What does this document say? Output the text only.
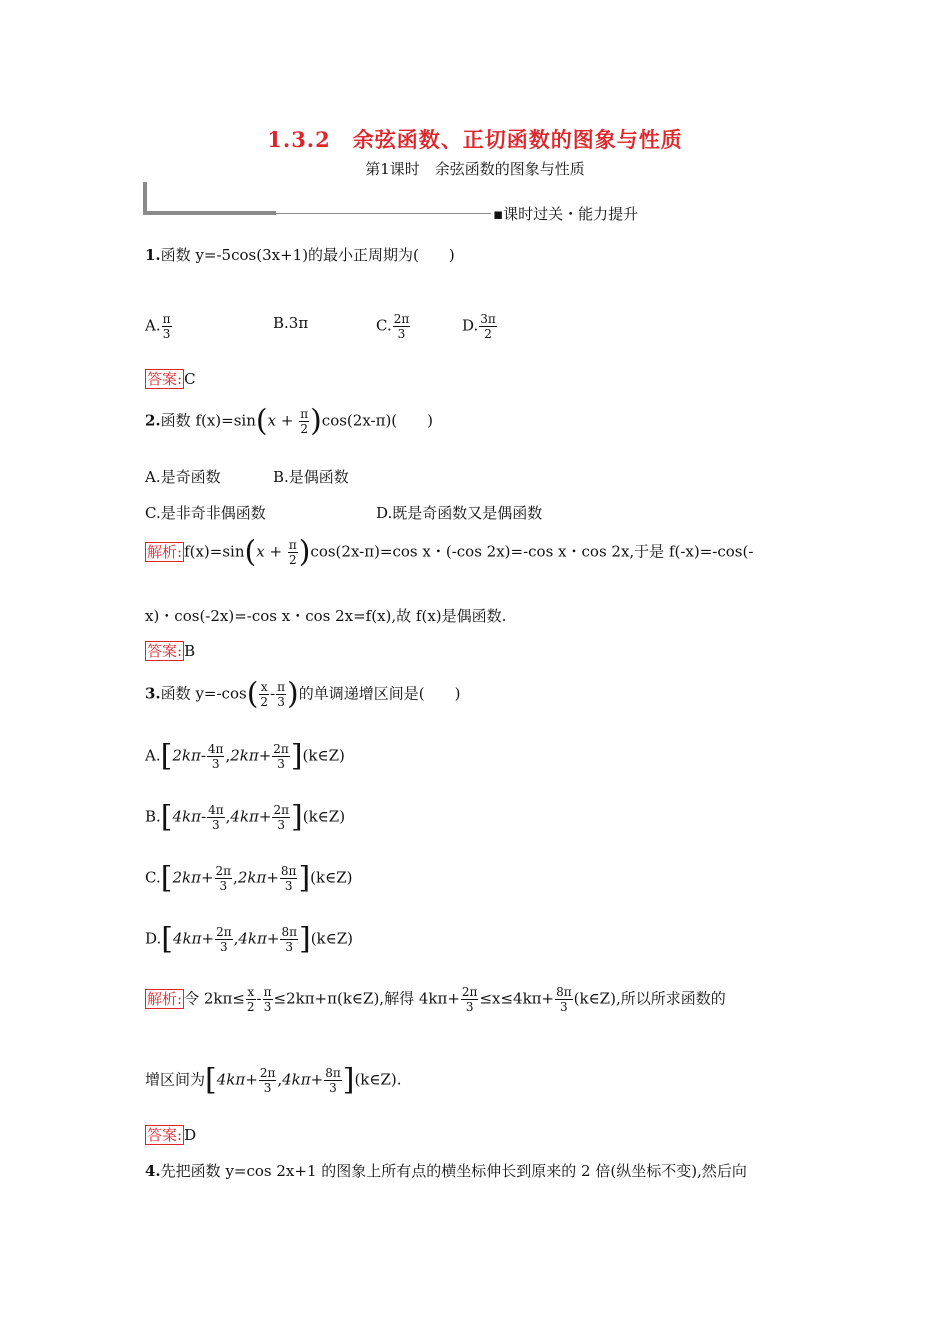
1.3.2　余弦函数、正切函数的图象与性质
第1课时　余弦函数的图象与性质
▪课时过关・能力提升
1.函数 y=-5cos(3x+1)的最小正周期为(　　)
A. $\frac{\pi}{3}$	B.3π	C. $\frac{2\pi}{3}$	D. $\frac{3\pi}{2}$
答案: C
2.函数 $f(x)=\sin(x + \frac{\pi}{2} )\cos(2x-\pi)$(　　)
A.是奇函数	B.是偶函数
C.是非奇非偶函数	D.既是奇函数又是偶函数
解析: $f(x)=\sin(x + \frac{\pi}{2} )\cos(2x-\pi)=\cos$ x・(-cos 2x)=-cos x・cos 2x,于是 f(-x)=-cos(-
x)・cos(-2x)=-cos x・cos 2x=f(x),故 f(x)是偶函数.
答案: B
3.函数 $y=-\cos( \frac{x}{2} - \frac{\pi}{3}$ )的单调递增区间是(　　)
$A.[2k\pi- \frac{4\pi}{3} ,2k\pi+ \frac{2\pi}{3}$ ](k∈Z)
$B.[4k\pi- \frac{4\pi}{3} ,4k\pi+ \frac{2\pi}{3}$ ](k∈Z)
$C.[2k\pi+ \frac{2\pi}{3} ,2k\pi+ \frac{8\pi}{3}$ ](k∈Z)
$D.[4k\pi+ \frac{2\pi}{3} ,4k\pi+ \frac{8\pi}{3}$ ](k∈Z)
解析: 令 $2k\pi\le \frac{x}{2} - \frac{\pi}{3}$ ≤2kπ+π(k∈Z),解得 $4k\pi+ \frac{2\pi}{3} \le x\le 4k\pi+ \frac{8\pi}{3}$ (k∈Z),所以所求函数的
增区间为[$4k\pi+ \frac{2\pi}{3} ,4k\pi+ \frac{8\pi}{3}$ ](k∈Z).
答案: D
4.先把函数 y=cos 2x+1 的图象上所有点的横坐标伸长到原来的 2 倍(纵坐标不变),然后向
